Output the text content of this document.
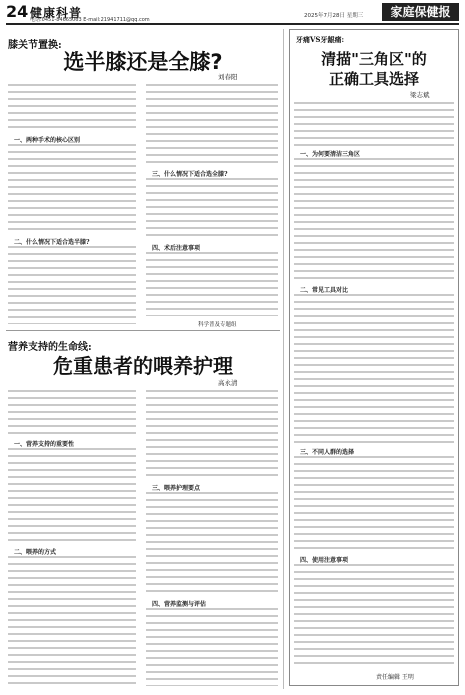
24 健康科普
电话:0451-84665063 E-mail:21941711@qq.com
2025年7月28日 星期三	家庭保健报
膝关节置换:
选半膝还是全膝?
刘春阳
一、两种手术的核心区别
二、什么情况下适合选半膝?
三、什么情况下适合选全膝?
四、术后注意事项
科学普及专题组
营养支持的生命线:
危重患者的喂养护理
高永清
一、营养支持的重要性
二、喂养的方式
三、喂养护理要点
四、营养监测与评估
牙痛VS牙龈痛:
清描"三角区"的
正确工具选择
梁志斌
一、为何要清洁三角区
二、常见工具对比
三、不同人群的选择
四、使用注意事项
责任编辑 王明
